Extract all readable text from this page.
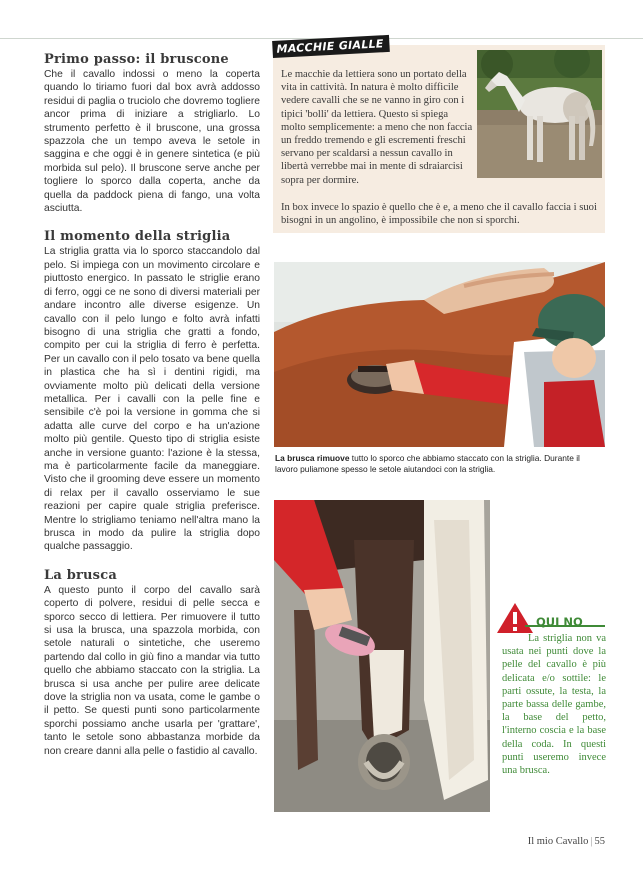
Primo passo: il bruscone

Che il cavallo indossi o meno la coperta quando lo tiriamo fuori dal box avrà addosso residui di paglia o truciolo che dovremo togliere ancor prima di iniziare a strigliarlo. Lo strumento perfetto è il bruscone, una grossa spazzola che un tempo aveva le setole in saggina e che oggi è in genere sintetica (e più morbida sul pelo). Il bruscone serve anche per togliere lo sporco dalla coperta, anche da quella da paddock piena di fango, una volta asciutta.

Il momento della striglia

La striglia gratta via lo sporco staccandolo dal pelo. Si impiega con un movimento circolare e piuttosto energico. In passato le striglie erano di ferro, oggi ce ne sono di diversi materiali per andare incontro alle diverse esigenze. Un cavallo con il pelo lungo e folto avrà infatti bisogno di una striglia che gratti a fondo, compito per cui la striglia di ferro è perfetta. Per un cavallo con il pelo tosato va bene quella in plastica che ha sì i dentini rigidi, ma ovviamente molto più delicati della versione metallica. Per i cavalli con la pelle fine e sensibile c'è poi la versione in gomma che si adatta alle curve del corpo e ha un'azione molto più gentile. Questo tipo di striglia esiste anche in versione guanto: l'azione è la stessa, ma è particolarmente facile da maneggiare. Visto che il grooming deve essere un momento di relax per il cavallo osserviamo le sue reazioni per capire quale striglia preferisce. Mentre lo strigliamo teniamo nell'altra mano la brusca in modo da pulire la striglia dopo qualche passaggio.

La brusca

A questo punto il corpo del cavallo sarà coperto di polvere, residui di pelle secca e sporco secco di lettiera. Per rimuovere il tutto si usa la brusca, una spazzola morbida, con setole naturali o sintetiche, che useremo partendo dal collo in giù fino a mandar via tutto quello che abbiamo staccato con la striglia. La brusca si usa anche per pulire aree delicate dove la striglia non va usata, come le gambe o il petto. Se questi punti sono particolarmente sporchi possiamo anche usarla per 'grattare', tanto le setole sono abbastanza morbide da non creare danni alla pelle o fastidio al cavallo.

MACCHIE GIALLE
Le macchie da lettiera sono un portato della vita in cattività. In natura è molto difficile vedere cavalli che se ne vanno in giro con i tipici 'bolli' da lettiera. Questo si spiega molto semplicemente: a meno che non faccia un freddo tremendo e gli escrementi freschi servano per scaldarsi a nessun cavallo in libertà verrebbe mai in mente di sdraiarcisi sopra per dormire.
In box invece lo spazio è quello che è e, a meno che il cavallo faccia i suoi bisogni in un angolino, è impossibile che non si sporchi.
La brusca rimuove tutto lo sporco che abbiamo staccato con la striglia. Durante il lavoro puliamone spesso le setole aiutandoci con la striglia.
QUI NO
La striglia non va usata nei punti dove la pelle del cavallo è più delicata e/o sottile: le parti ossute, la testa, la parte bassa delle gambe, la base del petto, l'interno coscia e la base della coda. In questi punti useremo invece una brusca.
Il mio Cavallo | 55
